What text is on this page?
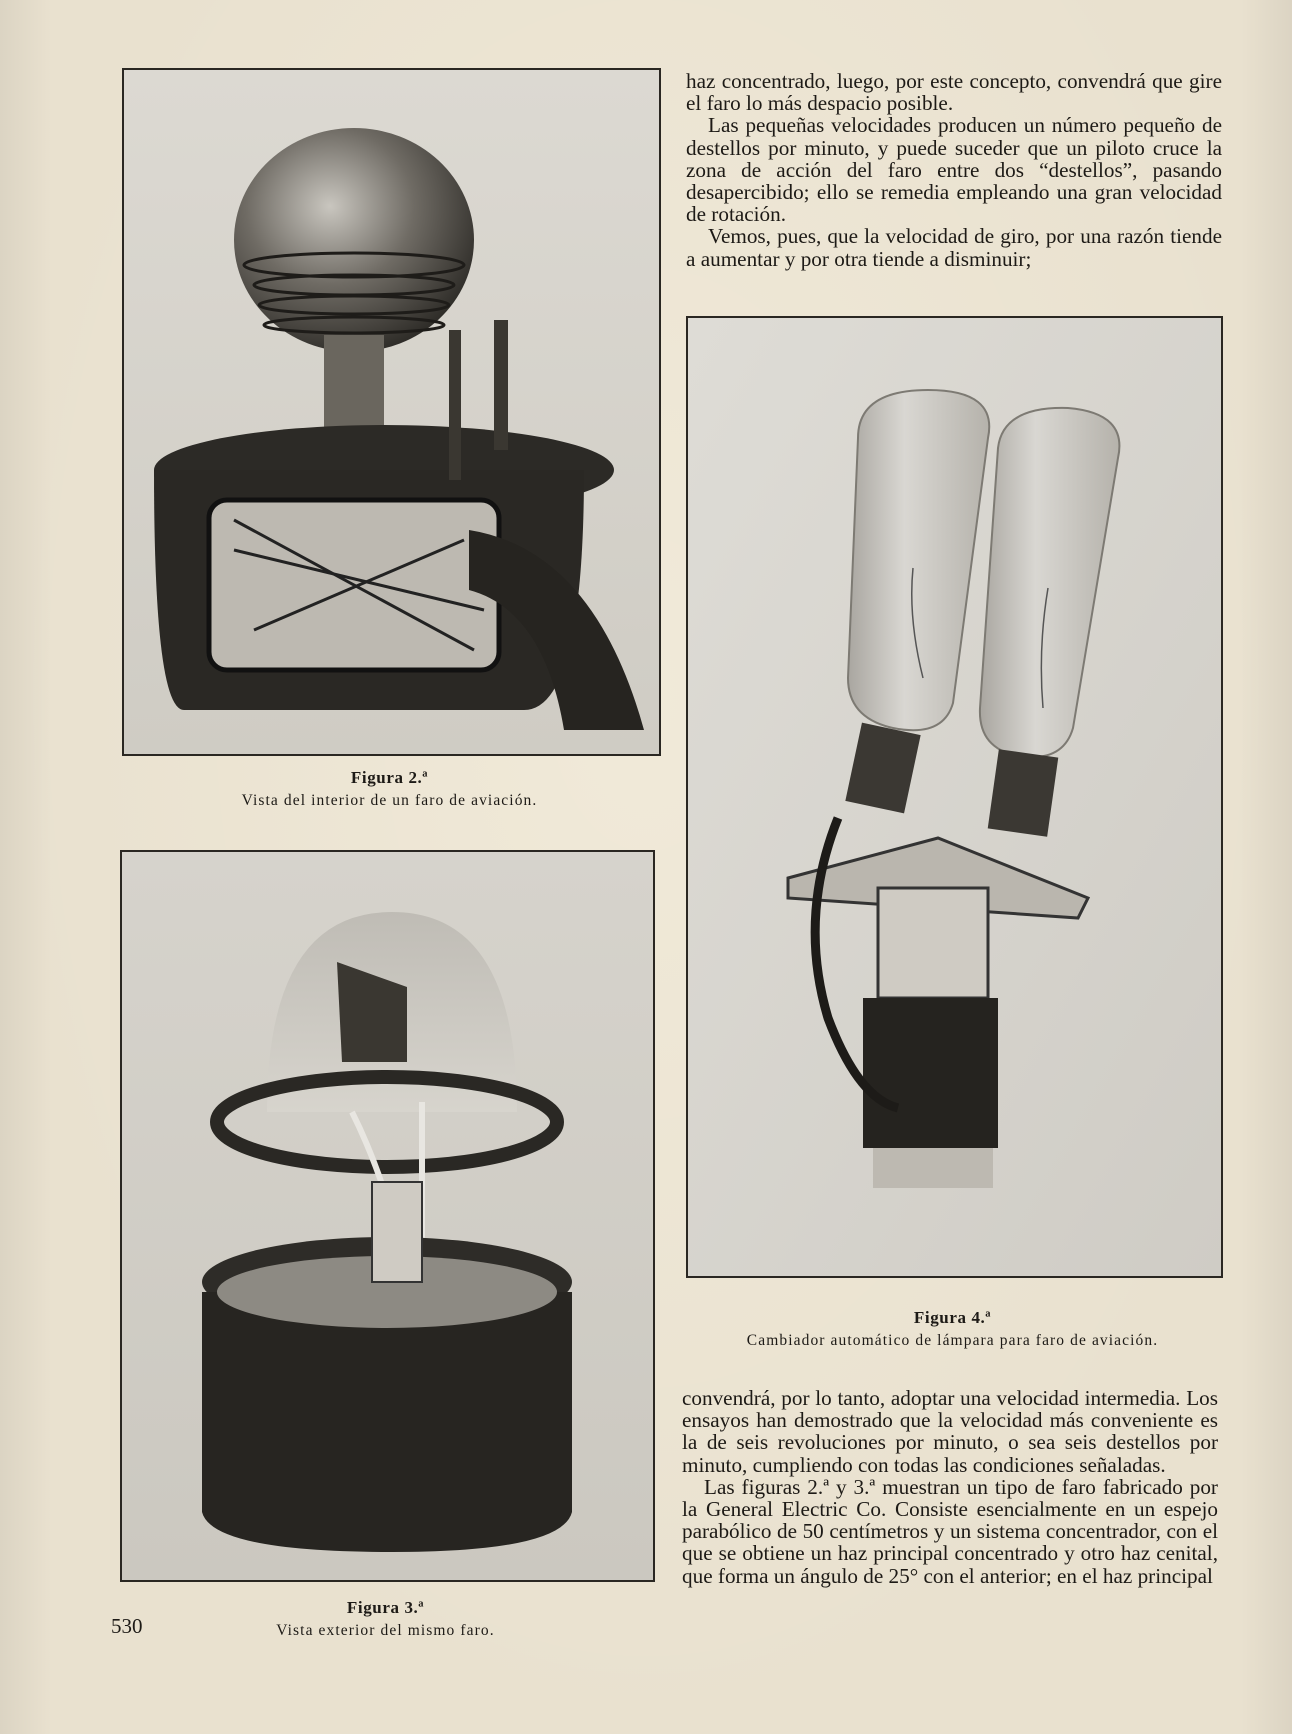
Figura 2.ª
Vista del interior de un faro de aviación.
Figura 3.ª
Vista exterior del mismo faro.

haz concentrado, luego, por este concepto, convendrá que gire el faro lo más despacio posible.

Las pequeñas velocidades producen un número pequeño de destellos por minuto, y puede suceder que un piloto cruce la zona de acción del faro entre dos “destellos”, pasando desapercibido; ello se remedia empleando una gran velocidad de rotación.

Vemos, pues, que la velocidad de giro, por una razón tiende a aumentar y por otra tiende a disminuir;

Figura 4.ª
Cambiador automático de lámpara para faro de aviación.

convendrá, por lo tanto, adoptar una velocidad intermedia. Los ensayos han demostrado que la velocidad más conveniente es la de seis revoluciones por minuto, o sea seis destellos por minuto, cumpliendo con todas las condiciones señaladas.

Las figuras 2.ª y 3.ª muestran un tipo de faro fabricado por la General Electric Co. Consiste esencialmente en un espejo parabólico de 50 centímetros y un sistema concentrador, con el que se obtiene un haz principal concentrado y otro haz cenital, que forma un ángulo de 25° con el anterior; en el haz principal

530
